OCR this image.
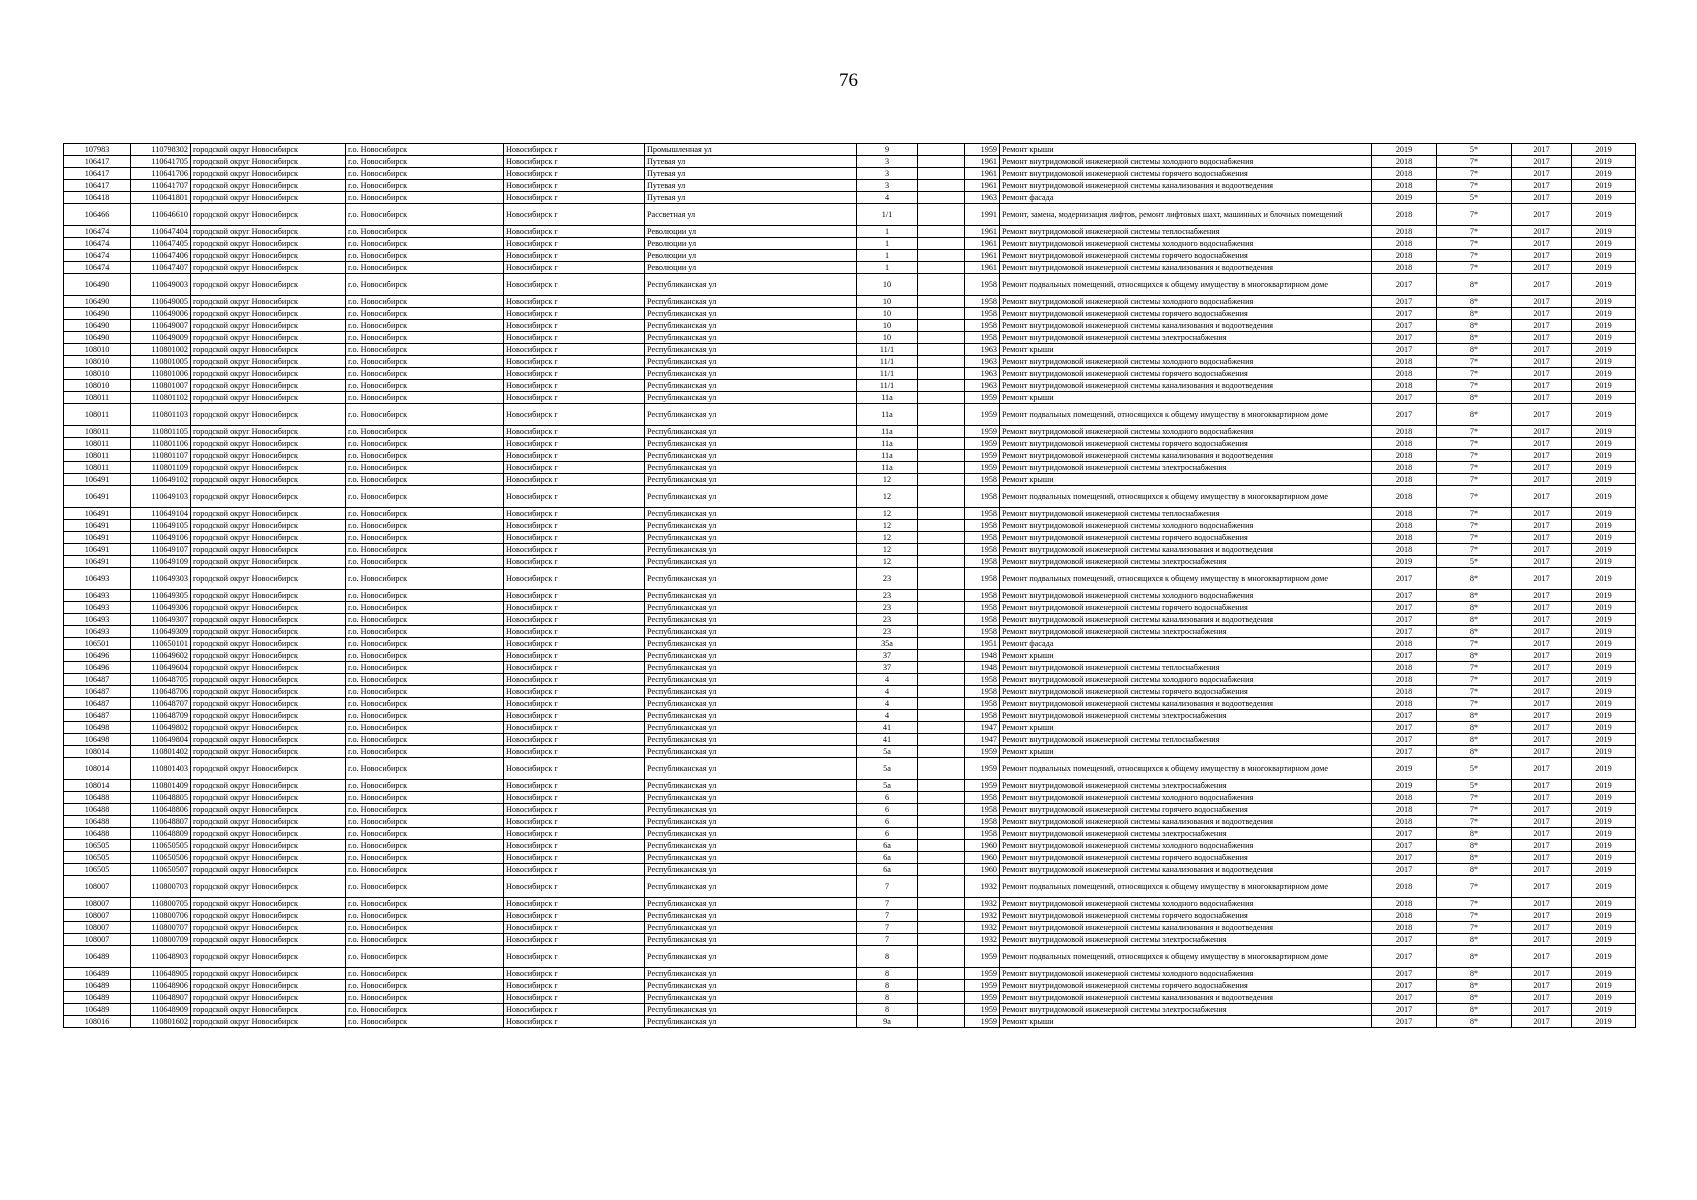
76
107983	110798302	городской округ Новосибирск	г.о. Новосибирск	Новосибирск г	Промышленная ул	9		1959	Ремонт крыши	2019	5*	2017	2019
106417	110641705	городской округ Новосибирск	г.о. Новосибирск	Новосибирск г	Путевая ул	3		1961	Ремонт внутридомовой инженерной системы холодного водоснабжения	2018	7*	2017	2019
106417	110641706	городской округ Новосибирск	г.о. Новосибирск	Новосибирск г	Путевая ул	3		1961	Ремонт внутридомовой инженерной системы горячего водоснабжения	2018	7*	2017	2019
106417	110641707	городской округ Новосибирск	г.о. Новосибирск	Новосибирск г	Путевая ул	3		1961	Ремонт внутридомовой инженерной системы канализования и водоотведения	2018	7*	2017	2019
106418	110641801	городской округ Новосибирск	г.о. Новосибирск	Новосибирск г	Путевая ул	4		1963	Ремонт фасада	2019	5*	2017	2019
106466	110646610	городской округ Новосибирск	г.о. Новосибирск	Новосибирск г	Рассветная ул	1/1		1991	Ремонт, замена, модернизация лифтов, ремонт лифтовых шахт, машинных и блочных помещений	2018	7*	2017	2019
106474	110647404	городской округ Новосибирск	г.о. Новосибирск	Новосибирск г	Революции ул	1		1961	Ремонт внутридомовой инженерной системы теплоснабжения	2018	7*	2017	2019
106474	110647405	городской округ Новосибирск	г.о. Новосибирск	Новосибирск г	Революции ул	1		1961	Ремонт внутридомовой инженерной системы холодного водоснабжения	2018	7*	2017	2019
106474	110647406	городской округ Новосибирск	г.о. Новосибирск	Новосибирск г	Революции ул	1		1961	Ремонт внутридомовой инженерной системы горячего водоснабжения	2018	7*	2017	2019
106474	110647407	городской округ Новосибирск	г.о. Новосибирск	Новосибирск г	Революции ул	1		1961	Ремонт внутридомовой инженерной системы канализования и водоотведения	2018	7*	2017	2019
106490	110649003	городской округ Новосибирск	г.о. Новосибирск	Новосибирск г	Республиканская ул	10		1958	Ремонт подвальных помещений, относящихся к общему имуществу в многоквартирном доме	2017	8*	2017	2019
106490	110649005	городской округ Новосибирск	г.о. Новосибирск	Новосибирск г	Республиканская ул	10		1958	Ремонт внутридомовой инженерной системы холодного водоснабжения	2017	8*	2017	2019
106490	110649006	городской округ Новосибирск	г.о. Новосибирск	Новосибирск г	Республиканская ул	10		1958	Ремонт внутридомовой инженерной системы горячего водоснабжения	2017	8*	2017	2019
106490	110649007	городской округ Новосибирск	г.о. Новосибирск	Новосибирск г	Республиканская ул	10		1958	Ремонт внутридомовой инженерной системы канализования и водоотведения	2017	8*	2017	2019
106490	110649009	городской округ Новосибирск	г.о. Новосибирск	Новосибирск г	Республиканская ул	10		1958	Ремонт внутридомовой инженерной системы электроснабжения	2017	8*	2017	2019
108010	110801002	городской округ Новосибирск	г.о. Новосибирск	Новосибирск г	Республиканская ул	11/1		1963	Ремонт крыши	2017	8*	2017	2019
108010	110801005	городской округ Новосибирск	г.о. Новосибирск	Новосибирск г	Республиканская ул	11/1		1963	Ремонт внутридомовой инженерной системы холодного водоснабжения	2018	7*	2017	2019
108010	110801006	городской округ Новосибирск	г.о. Новосибирск	Новосибирск г	Республиканская ул	11/1		1963	Ремонт внутридомовой инженерной системы горячего водоснабжения	2018	7*	2017	2019
108010	110801007	городской округ Новосибирск	г.о. Новосибирск	Новосибирск г	Республиканская ул	11/1		1963	Ремонт внутридомовой инженерной системы канализования и водоотведения	2018	7*	2017	2019
108011	110801102	городской округ Новосибирск	г.о. Новосибирск	Новосибирск г	Республиканская ул	11а		1959	Ремонт крыши	2017	8*	2017	2019
108011	110801103	городской округ Новосибирск	г.о. Новосибирск	Новосибирск г	Республиканская ул	11а		1959	Ремонт подвальных помещений, относящихся к общему имуществу в многоквартирном доме	2017	8*	2017	2019
108011	110801105	городской округ Новосибирск	г.о. Новосибирск	Новосибирск г	Республиканская ул	11а		1959	Ремонт внутридомовой инженерной системы холодного водоснабжения	2018	7*	2017	2019
108011	110801106	городской округ Новосибирск	г.о. Новосибирск	Новосибирск г	Республиканская ул	11а		1959	Ремонт внутридомовой инженерной системы горячего водоснабжения	2018	7*	2017	2019
108011	110801107	городской округ Новосибирск	г.о. Новосибирск	Новосибирск г	Республиканская ул	11а		1959	Ремонт внутридомовой инженерной системы канализования и водоотведения	2018	7*	2017	2019
108011	110801109	городской округ Новосибирск	г.о. Новосибирск	Новосибирск г	Республиканская ул	11а		1959	Ремонт внутридомовой инженерной системы электроснабжения	2018	7*	2017	2019
106491	110649102	городской округ Новосибирск	г.о. Новосибирск	Новосибирск г	Республиканская ул	12		1958	Ремонт крыши	2018	7*	2017	2019
106491	110649103	городской округ Новосибирск	г.о. Новосибирск	Новосибирск г	Республиканская ул	12		1958	Ремонт подвальных помещений, относящихся к общему имуществу в многоквартирном доме	2018	7*	2017	2019
106491	110649104	городской округ Новосибирск	г.о. Новосибирск	Новосибирск г	Республиканская ул	12		1958	Ремонт внутридомовой инженерной системы теплоснабжения	2018	7*	2017	2019
106491	110649105	городской округ Новосибирск	г.о. Новосибирск	Новосибирск г	Республиканская ул	12		1958	Ремонт внутридомовой инженерной системы холодного водоснабжения	2018	7*	2017	2019
106491	110649106	городской округ Новосибирск	г.о. Новосибирск	Новосибирск г	Республиканская ул	12		1958	Ремонт внутридомовой инженерной системы горячего водоснабжения	2018	7*	2017	2019
106491	110649107	городской округ Новосибирск	г.о. Новосибирск	Новосибирск г	Республиканская ул	12		1958	Ремонт внутридомовой инженерной системы канализования и водоотведения	2018	7*	2017	2019
106491	110649109	городской округ Новосибирск	г.о. Новосибирск	Новосибирск г	Республиканская ул	12		1958	Ремонт внутридомовой инженерной системы электроснабжения	2019	5*	2017	2019
106493	110649303	городской округ Новосибирск	г.о. Новосибирск	Новосибирск г	Республиканская ул	23		1958	Ремонт подвальных помещений, относящихся к общему имуществу в многоквартирном доме	2017	8*	2017	2019
106493	110649305	городской округ Новосибирск	г.о. Новосибирск	Новосибирск г	Республиканская ул	23		1958	Ремонт внутридомовой инженерной системы холодного водоснабжения	2017	8*	2017	2019
106493	110649306	городской округ Новосибирск	г.о. Новосибирск	Новосибирск г	Республиканская ул	23		1958	Ремонт внутридомовой инженерной системы горячего водоснабжения	2017	8*	2017	2019
106493	110649307	городской округ Новосибирск	г.о. Новосибирск	Новосибирск г	Республиканская ул	23		1958	Ремонт внутридомовой инженерной системы канализования и водоотведения	2017	8*	2017	2019
106493	110649309	городской округ Новосибирск	г.о. Новосибирск	Новосибирск г	Республиканская ул	23		1958	Ремонт внутридомовой инженерной системы электроснабжения	2017	8*	2017	2019
106501	110650101	городской округ Новосибирск	г.о. Новосибирск	Новосибирск г	Республиканская ул	35а		1951	Ремонт фасада	2018	7*	2017	2019
106496	110649602	городской округ Новосибирск	г.о. Новосибирск	Новосибирск г	Республиканская ул	37		1948	Ремонт крыши	2017	8*	2017	2019
106496	110649604	городской округ Новосибирск	г.о. Новосибирск	Новосибирск г	Республиканская ул	37		1948	Ремонт внутридомовой инженерной системы теплоснабжения	2018	7*	2017	2019
106487	110648705	городской округ Новосибирск	г.о. Новосибирск	Новосибирск г	Республиканская ул	4		1958	Ремонт внутридомовой инженерной системы холодного водоснабжения	2018	7*	2017	2019
106487	110648706	городской округ Новосибирск	г.о. Новосибирск	Новосибирск г	Республиканская ул	4		1958	Ремонт внутридомовой инженерной системы горячего водоснабжения	2018	7*	2017	2019
106487	110648707	городской округ Новосибирск	г.о. Новосибирск	Новосибирск г	Республиканская ул	4		1958	Ремонт внутридомовой инженерной системы канализования и водоотведения	2018	7*	2017	2019
106487	110648709	городской округ Новосибирск	г.о. Новосибирск	Новосибирск г	Республиканская ул	4		1958	Ремонт внутридомовой инженерной системы электроснабжения	2017	8*	2017	2019
106498	110649802	городской округ Новосибирск	г.о. Новосибирск	Новосибирск г	Республиканская ул	41		1947	Ремонт крыши	2017	8*	2017	2019
106498	110649804	городской округ Новосибирск	г.о. Новосибирск	Новосибирск г	Республиканская ул	41		1947	Ремонт внутридомовой инженерной системы теплоснабжения	2017	8*	2017	2019
108014	110801402	городской округ Новосибирск	г.о. Новосибирск	Новосибирск г	Республиканская ул	5а		1959	Ремонт крыши	2017	8*	2017	2019
108014	110801403	городской округ Новосибирск	г.о. Новосибирск	Новосибирск г	Республиканская ул	5а		1959	Ремонт подвальных помещений, относящихся к общему имуществу в многоквартирном доме	2019	5*	2017	2019
108014	110801409	городской округ Новосибирск	г.о. Новосибирск	Новосибирск г	Республиканская ул	5а		1959	Ремонт внутридомовой инженерной системы электроснабжения	2019	5*	2017	2019
106488	110648805	городской округ Новосибирск	г.о. Новосибирск	Новосибирск г	Республиканская ул	6		1958	Ремонт внутридомовой инженерной системы холодного водоснабжения	2018	7*	2017	2019
106488	110648806	городской округ Новосибирск	г.о. Новосибирск	Новосибирск г	Республиканская ул	6		1958	Ремонт внутридомовой инженерной системы горячего водоснабжения	2018	7*	2017	2019
106488	110648807	городской округ Новосибирск	г.о. Новосибирск	Новосибирск г	Республиканская ул	6		1958	Ремонт внутридомовой инженерной системы канализования и водоотведения	2018	7*	2017	2019
106488	110648809	городской округ Новосибирск	г.о. Новосибирск	Новосибирск г	Республиканская ул	6		1958	Ремонт внутридомовой инженерной системы электроснабжения	2017	8*	2017	2019
106505	110650505	городской округ Новосибирск	г.о. Новосибирск	Новосибирск г	Республиканская ул	6а		1960	Ремонт внутридомовой инженерной системы холодного водоснабжения	2017	8*	2017	2019
106505	110650506	городской округ Новосибирск	г.о. Новосибирск	Новосибирск г	Республиканская ул	6а		1960	Ремонт внутридомовой инженерной системы горячего водоснабжения	2017	8*	2017	2019
106505	110650507	городской округ Новосибирск	г.о. Новосибирск	Новосибирск г	Республиканская ул	6а		1960	Ремонт внутридомовой инженерной системы канализования и водоотведения	2017	8*	2017	2019
108007	110800703	городской округ Новосибирск	г.о. Новосибирск	Новосибирск г	Республиканская ул	7		1932	Ремонт подвальных помещений, относящихся к общему имуществу в многоквартирном доме	2018	7*	2017	2019
108007	110800705	городской округ Новосибирск	г.о. Новосибирск	Новосибирск г	Республиканская ул	7		1932	Ремонт внутридомовой инженерной системы холодного водоснабжения	2018	7*	2017	2019
108007	110800706	городской округ Новосибирск	г.о. Новосибирск	Новосибирск г	Республиканская ул	7		1932	Ремонт внутридомовой инженерной системы горячего водоснабжения	2018	7*	2017	2019
108007	110800707	городской округ Новосибирск	г.о. Новосибирск	Новосибирск г	Республиканская ул	7		1932	Ремонт внутридомовой инженерной системы канализования и водоотведения	2018	7*	2017	2019
108007	110800709	городской округ Новосибирск	г.о. Новосибирск	Новосибирск г	Республиканская ул	7		1932	Ремонт внутридомовой инженерной системы электроснабжения	2017	8*	2017	2019
106489	110648903	городской округ Новосибирск	г.о. Новосибирск	Новосибирск г	Республиканская ул	8		1959	Ремонт подвальных помещений, относящихся к общему имуществу в многоквартирном доме	2017	8*	2017	2019
106489	110648905	городской округ Новосибирск	г.о. Новосибирск	Новосибирск г	Республиканская ул	8		1959	Ремонт внутридомовой инженерной системы холодного водоснабжения	2017	8*	2017	2019
106489	110648906	городской округ Новосибирск	г.о. Новосибирск	Новосибирск г	Республиканская ул	8		1959	Ремонт внутридомовой инженерной системы горячего водоснабжения	2017	8*	2017	2019
106489	110648907	городской округ Новосибирск	г.о. Новосибирск	Новосибирск г	Республиканская ул	8		1959	Ремонт внутридомовой инженерной системы канализования и водоотведения	2017	8*	2017	2019
106489	110648909	городской округ Новосибирск	г.о. Новосибирск	Новосибирск г	Республиканская ул	8		1959	Ремонт внутридомовой инженерной системы электроснабжения	2017	8*	2017	2019
108016	110801602	городской округ Новосибирск	г.о. Новосибирск	Новосибирск г	Республиканская ул	9а		1959	Ремонт крыши	2017	8*	2017	2019
